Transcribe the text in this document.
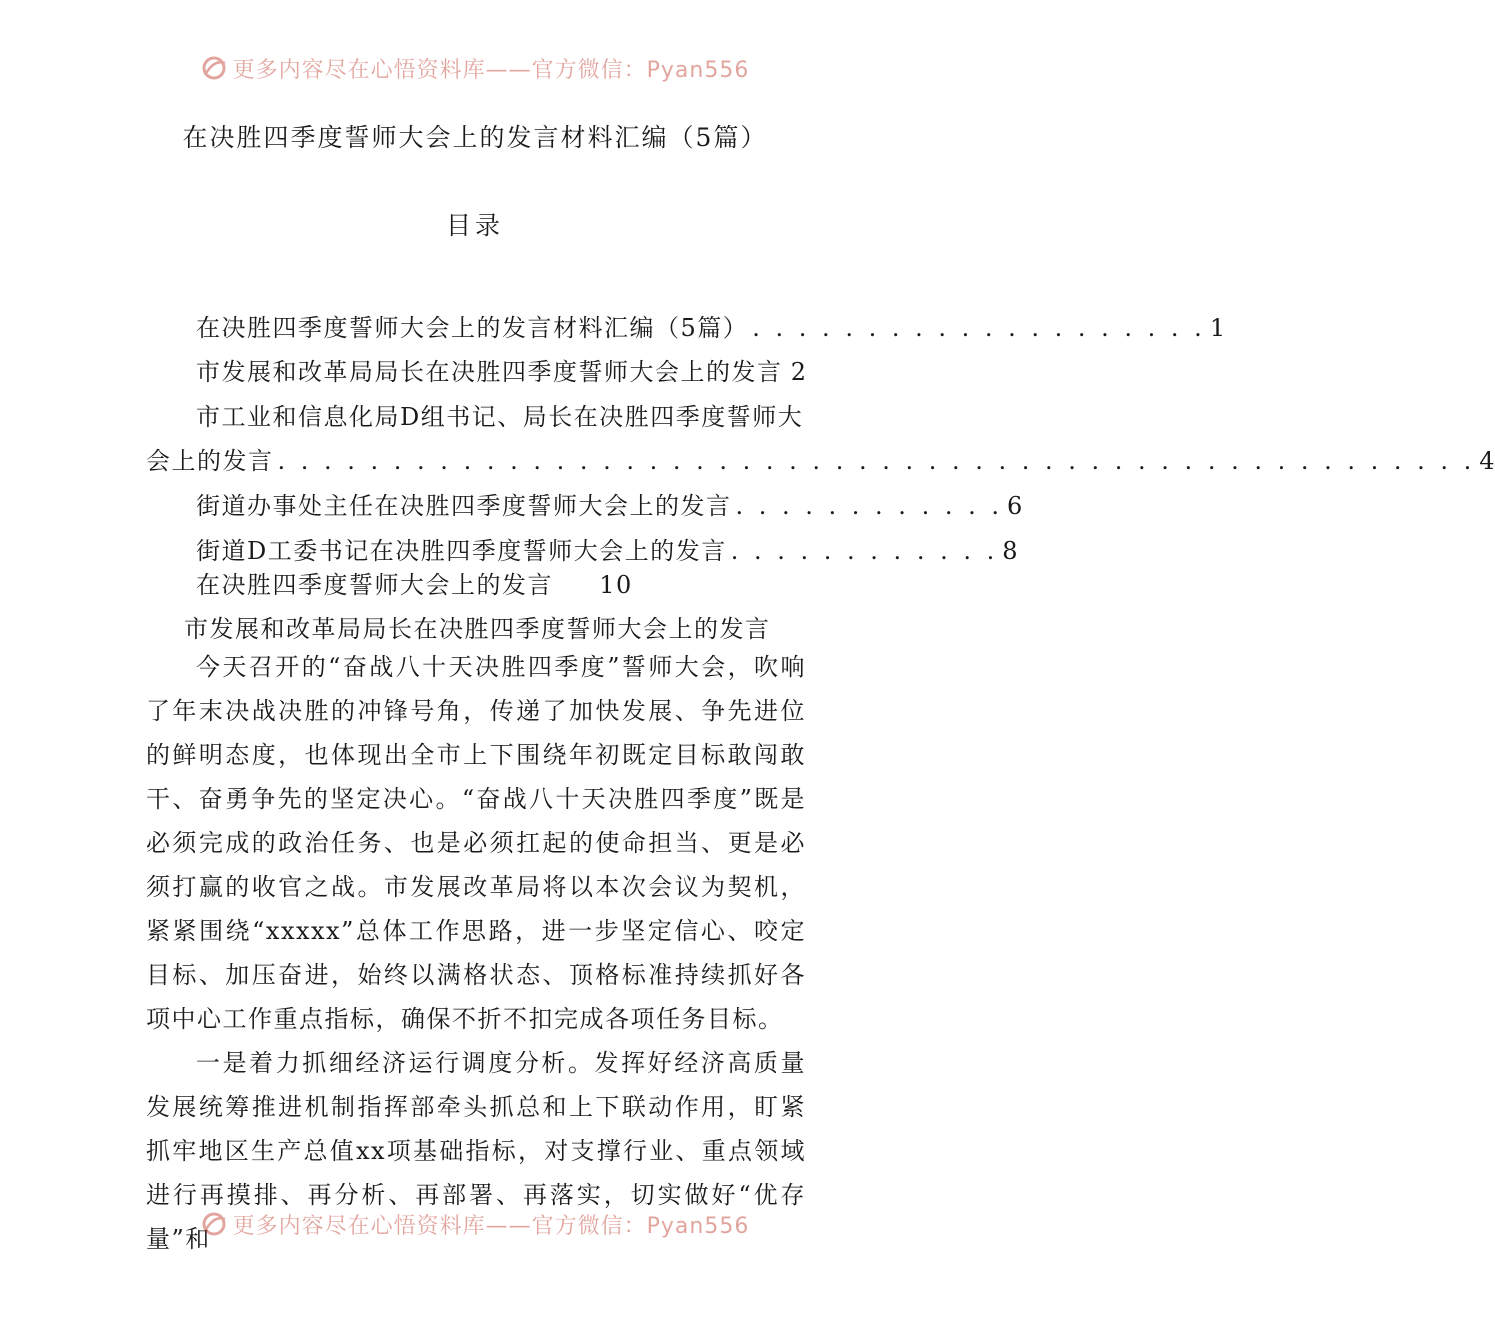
更多内容尽在心悟资料库——官方微信：Pyan556
在决胜四季度誓师大会上的发言材料汇编（5篇）
目录
在决胜四季度誓师大会上的发言材料汇编（5篇） . . . . . . . . . . . . . . . . . . . . 1
市发展和改革局局长在决胜四季度誓师大会上的发言 2
市工业和信息化局D组书记、局长在决胜四季度誓师大
会上的发言 . . . . . . . . . . . . . . . . . . . . . . . . . . . . . . . . . . . . . . . . . . . . . . . . . . . . 4
街道办事处主任在决胜四季度誓师大会上的发言 . . . . . . . . . . . . 6
街道D工委书记在决胜四季度誓师大会上的发言 . . . . . . . . . . . . 8
在决胜四季度誓师大会上的发言 10
市发展和改革局局长在决胜四季度誓师大会上的发言
今天召开的“奋战八十天决胜四季度”誓师大会，吹响了年末决战决胜的冲锋号角，传递了加快发展、争先进位的鲜明态度，也体现出全市上下围绕年初既定目标敢闯敢干、奋勇争先的坚定决心。“奋战八十天决胜四季度”既是必须完成的政治任务、也是必须扛起的使命担当、更是必须打赢的收官之战。市发展改革局将以本次会议为契机，紧紧围绕“xxxxx”总体工作思路，进一步坚定信心、咬定目标、加压奋进，始终以满格状态、顶格标准持续抓好各项中心工作重点指标，确保不折不扣完成各项任务目标。
一是着力抓细经济运行调度分析。发挥好经济高质量发展统筹推进机制指挥部牵头抓总和上下联动作用，盯紧抓牢地区生产总值xx项基础指标，对支撑行业、重点领域进行再摸排、再分析、再部署、再落实，切实做好“优存量”和 更多内容尽在心悟资料库——官方微信：Pyan556
